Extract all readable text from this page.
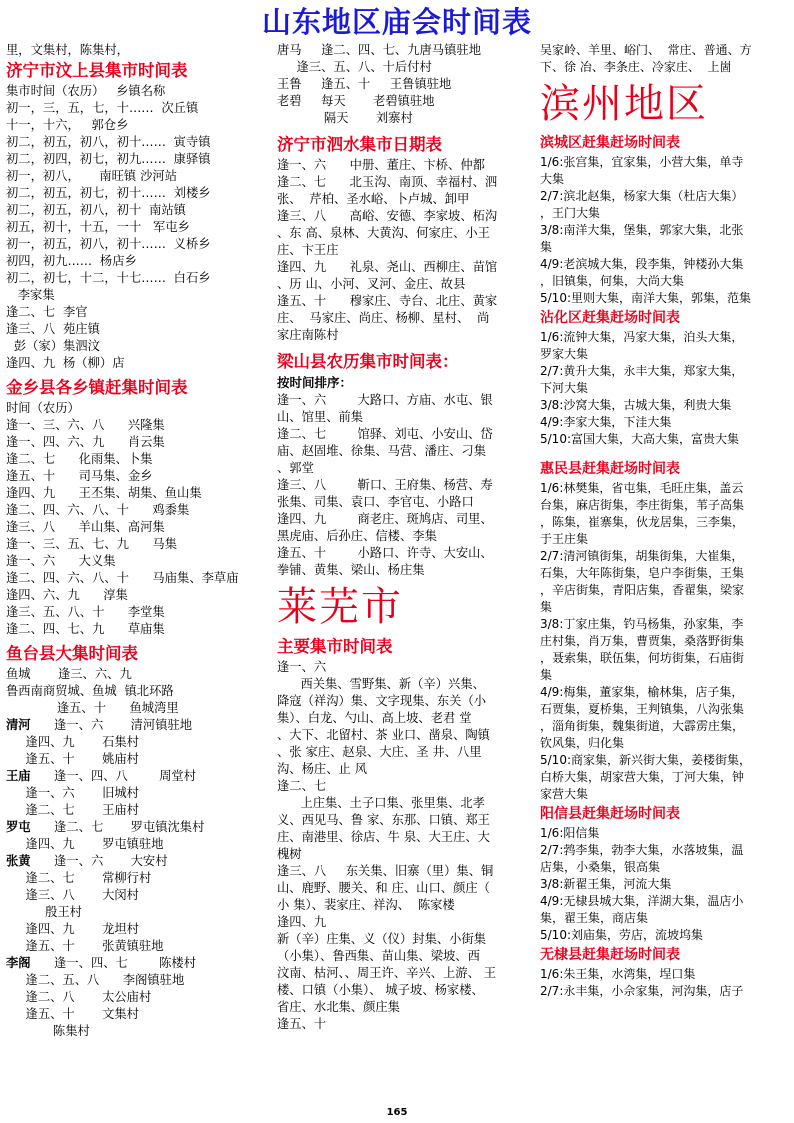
山东地区庙会时间表
里，文集村，陈集村，
济宁市汶上县集市时间表
集市时间（农历）   乡镇名称
初一，三，五，七，十……  次丘镇
十一，十六，   郭仓乡
初二，初五，初八，初十……  寅寺镇
初二，初四，初七，初九……  康驿镇
初一，初八，     南旺镇 沙河站
初二，初五，初七，初十……  刘楼乡
初二，初五，初八，初十  南站镇
初五，初十，十五，一十   军屯乡
初一，初五，初八，初十……  义桥乡
初四，初九……  杨店乡
初二，初七，十二，十七……  白石乡
李家集
逢二、七  李官
逢三、八  苑庄镇
彭（家）集泗汶
逢四、九  杨（柳）店
金乡县各乡镇赶集时间表
时间（农历）
逢一、三、六、八      兴隆集
逢一、四、六、九      肖云集
逢二、七      化雨集、卜集
逢五、十      司马集、金乡
逢四、九      王丕集、胡集、鱼山集
逢二、四、六、八、十      鸡黍集
逢三、八      羊山集、高河集
逢一、三、五、七、九      马集
逢一、六      大义集
逢二、四、六、八、十      马庙集、李草庙
逢四、六、九      淳集
逢三、五、八、十      李堂集
逢二、四、七、九      草庙集
鱼台县大集时间表
鱼城       逢三、六、九
鲁西南商贸城、鱼城  镇北环路
逢五、十      鱼城湾里
清河      逢一、六       清河镇驻地
逢四、九       石集村
逢五、十       姚庙村
王庙      逢一、四、八        周堂村
逢一、六       旧城村
逢二、七       王庙村
罗屯      逢二、七       罗屯镇沈集村
逢四、九       罗屯镇驻地
张黄      逢一、六       大安村
逢二、七       常柳行村
逢三、八       大闵村
殷王村
逢四、九       龙坦村
逢五、十       张黄镇驻地
李阁      逢一、四、七        陈楼村
逢二、五、八      李阁镇驻地
逢二、八       太公庙村
逢五、十       文集村
陈集村
唐马     逢二、四、七、九唐马镇驻地
逢三、五、八、十后付村
王鲁     逢五、十     王鲁镇驻地
老碧     每天       老碧镇驻地
隔天       刘寨村
济宁市泗水集市日期表
逢一、六      中册、董庄、卞桥、仲都
逢二、七      北玉沟、南顶、幸福村、泗
张、  芹柏、圣水峪、卜卢城、卸甲
逢三、八      高峪、安德、李家坡、柘沟
、东 高、泉林、大黄沟、何家庄、小王
庄、卞王庄
逢四、九      礼泉、尧山、西柳庄、苗馆
、历 山、小河、叉河、金庄、故县
逢五、十      穆家庄、寺台、北庄、黄家
庄、  马家庄、尚庄、杨柳、星村、  尚
家庄南陈村
梁山县农历集市时间表：
按时间排序：
逢一、六        大路口、方庙、水屯、银
山、馆里、前集
逢二、七        馆驿、刘屯、小安山、岱
庙、赵固堆、徐集、马营、潘庄、刁集
、郭堂
逢三、八        靳口、王府集、杨营、寿
张集、司集、袁口、李官屯、小路口
逢四、九        商老庄、斑鸠店、司里、
黑虎庙、后孙庄、信楼、李集
逢五、十        小路口、许寺、大安山、
拳铺、黄集、梁山、杨庄集
莱芜市
主要集市时间表
逢一、六
西关集、雪野集、新（辛）兴集、
降寇（祥沟）集、文字现集、东关（小
集）、白龙、勺山、高上坡、老君 堂
、大下、北留村、茶 业口、凿泉、陶镇
、张 家庄、赵泉、大庄、圣 井、八里
沟、杨庄、止 风
逢二、七
上庄集、土子口集、张里集、北孝
义、西见马、鲁 家、东那、口镇、郑王
庄、南港里、徐店、牛 泉、大王庄、大
槐树
逢三、八     东关集、旧寨（里）集、铜
山、鹿野、腰关、和 庄、山口、颜庄（
小 集）、裴家庄、祥沟、  陈家楼
逢四、九
新（辛）庄集、义（仪）封集、小街集
（小集）、鲁西集、苗山集、梁坡、西
汶南、枯河、、周王许、辛兴、上游、 王
楼、口镇（小集）、 城子坡、杨家楼、
省庄、水北集、颜庄集
逢五、十
吴家岭、羊里、峪门、  常庄、普通、方
下、徐 冶、李条庄、冷家庄、  上崮
滨州地区
滨城区赶集赶场时间表
1/6:张宫集，宜家集，小营大集，单寺
大集
2/7:滨北赵集，杨家大集（杜店大集）
，王门大集
3/8:南洋大集，堡集，郭家大集，北张
集
4/9:老滨城大集，段李集，钟楼孙大集
，旧镇集，何集，大尚大集
5/10:里则大集，南洋大集，郭集，范集
沾化区赶集赶场时间表
1/6:流钟大集，冯家大集，泊头大集，
罗家大集
2/7:黄升大集，永丰大集，郑家大集，
下河大集
3/8:沙窝大集，古城大集，利贵大集
4/9:李家大集，下洼大集
5/10:富国大集，大高大集，富贵大集
惠民县赶集赶场时间表
1/6:林樊集，省屯集，毛旺庄集，盖云
台集，麻店街集，李庄街集，苇子高集
，陈集，崔寨集，伙龙居集，三李集，
于王庄集
2/7:清河镇街集，胡集街集，大崔集，
石集，大年陈街集，皂户李街集，王集
，辛店街集，青阳店集，香翟集，梁家
集
3/8:丁家庄集，钓马杨集，孙家集，李
庄村集，肖万集，曹贾集，桑落野街集
，聂索集，联伍集，何坊街集，石庙街
集
4/9:梅集，董家集，榆林集，店子集，
石贾集，夏桥集，王判镇集，八沟张集
，淄角街集，魏集街道，大霹雳庄集，
钦风集，归化集
5/10:商家集，新兴街大集，姜楼街集，
白桥大集，胡家营大集，丁河大集，钟
家营大集
阳信县赶集赶场时间表
1/6:阳信集
2/7:鹁李集，勃李大集，水落坡集，温
店集，小桑集，银高集
3/8:新翟王集，河流大集
4/9:无棣县城大集，洋湖大集，温店小
集，翟王集，商店集
5/10:刘庙集，劳店，流坡坞集
无棣县赶集赶场时间表
1/6:朱王集，水湾集，埕口集
2/7:永丰集，小佘家集，河沟集，店子
165
